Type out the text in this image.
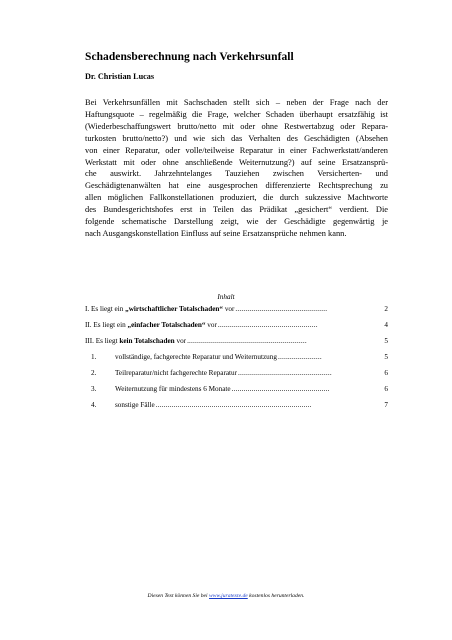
Schadensberechnung nach Verkehrsunfall
Dr. Christian Lucas
Bei Verkehrsunfällen mit Sachschaden stellt sich – neben der Frage nach der
Haftungsquote – regelmäßig die Frage, welcher Schaden überhaupt ersatzfähig ist
(Wiederbeschaffungswert brutto/netto mit oder ohne Restwertabzug oder Repara-
turkosten brutto/netto?) und wie sich das Verhalten des Geschädigten (Absehen
von einer Reparatur, oder volle/teilweise Reparatur in einer Fachwerkstatt/anderen
Werkstatt mit oder ohne anschließende Weiternutzung?) auf seine Ersatzansprü-
che auswirkt. Jahrzehntelanges Tauziehen zwischen Versicherten- und
Geschädigtenanwälten hat eine ausgesprochen differenzierte Rechtsprechung zu
allen möglichen Fallkonstellationen produziert, die durch sukzessive Machtworte
des Bundesgerichtshofes erst in Teilen das Prädikat „gesichert“ verdient. Die
folgende schematische Darstellung zeigt, wie der Geschädigte gegenwärtig je
nach Ausgangskonstellation Einfluss auf seine Ersatzansprüche nehmen kann.
Inhalt
I. Es liegt ein „wirtschaftlicher Totalschaden“ vor ..............................................	2
II. Es liegt ein „einfacher Totalschaden“ vor ..................................................	4
III. Es liegt kein Totalschaden vor ............................................................	5
1.	vollständige, fachgerechte Reparatur und Weiternutzung ......................	5
2.	Teilreparatur/nicht fachgerechte Reparatur ...............................................	6
3.	Weiternutzung für mindestens 6 Monate .................................................	6
4.	sonstige Fälle ..............................................................................	7
Diesen Text können Sie bei www.juratexte.de kostenlos herunterladen.
